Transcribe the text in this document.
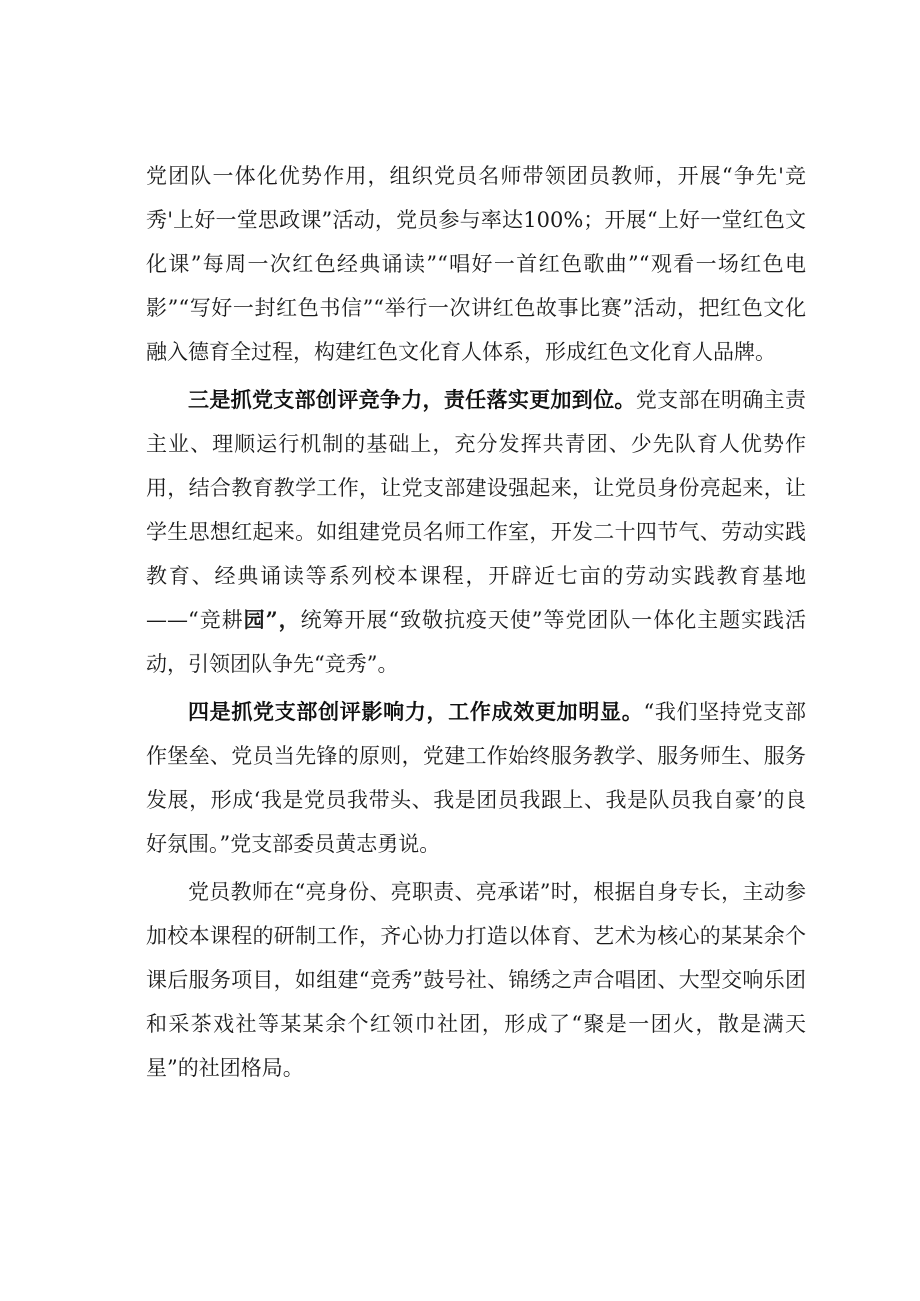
党团队一体化优势作用，组织党员名师带领团员教师，开展“争先'竞秀'上好一堂思政课”活动，党员参与率达100%；开展“上好一堂红色文化课”每周一次红色经典诵读”“唱好一首红色歌曲”“观看一场红色电影”“写好一封红色书信”“举行一次讲红色故事比赛”活动，把红色文化融入德育全过程，构建红色文化育人体系，形成红色文化育人品牌。

三是抓党支部创评竞争力，责任落实更加到位。党支部在明确主责主业、理顺运行机制的基础上，充分发挥共青团、少先队育人优势作用，结合教育教学工作，让党支部建设强起来，让党员身份亮起来，让学生思想红起来。如组建党员名师工作室，开发二十四节气、劳动实践教育、经典诵读等系列校本课程，开辟近七亩的劳动实践教育基地——“竞耕园”，统筹开展“致敬抗疫天使”等党团队一体化主题实践活动，引领团队争先“竞秀”。

四是抓党支部创评影响力，工作成效更加明显。“我们坚持党支部作堡垒、党员当先锋的原则，党建工作始终服务教学、服务师生、服务发展，形成‘我是党员我带头、我是团员我跟上、我是队员我自豪’的良好氛围。”党支部委员黄志勇说。

党员教师在“亮身份、亮职责、亮承诺”时，根据自身专长，主动参加校本课程的研制工作，齐心协力打造以体育、艺术为核心的某某余个课后服务项目，如组建“竞秀”鼓号社、锦绣之声合唱团、大型交响乐团和采茶戏社等某某余个红领巾社团，形成了“聚是一团火，散是满天星”的社团格局。
